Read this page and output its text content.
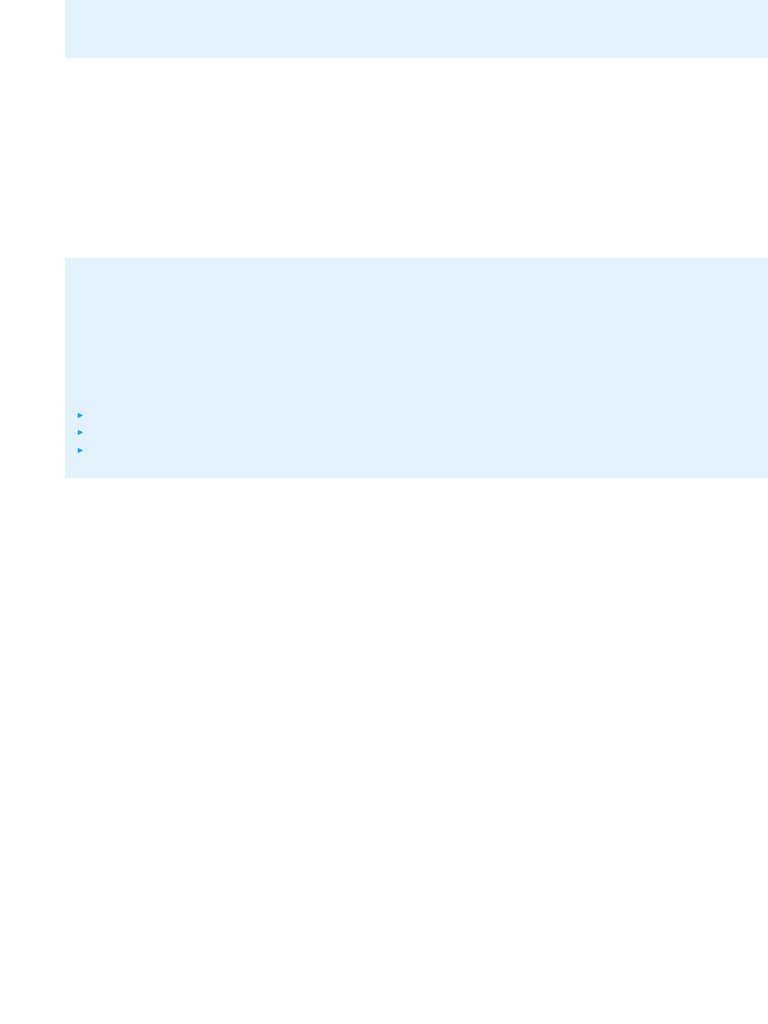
►
►
►
